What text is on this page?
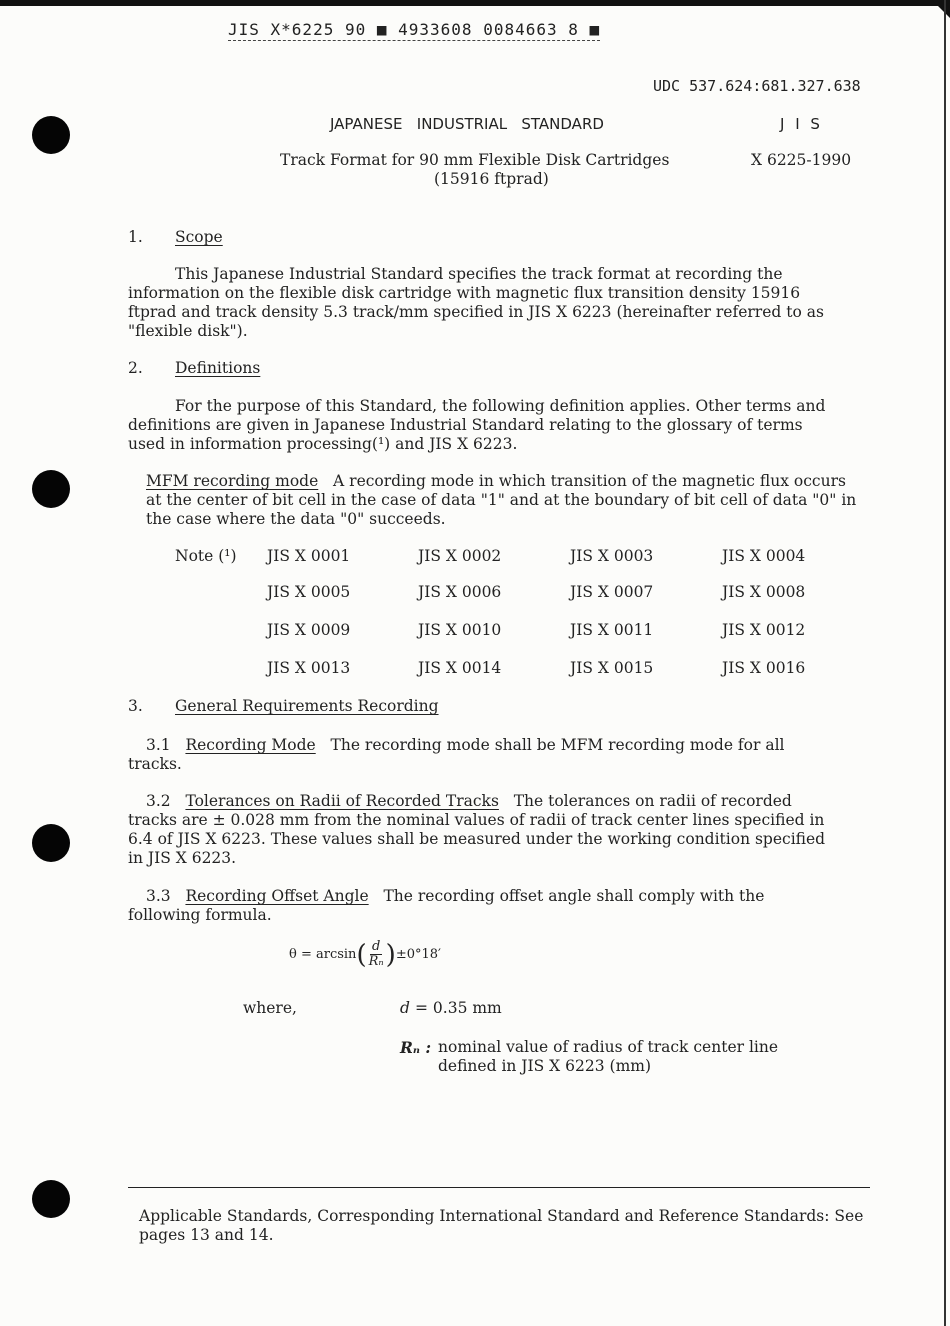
JIS X*6225 90 ■ 4933608 0084663 8 ■
UDC 537.624:681.327.638
JAPANESE   INDUSTRIAL   STANDARD	J I S
Track Format for 90 mm Flexible Disk Cartridges
(15916 ftprad)
X 6225-1990
1. Scope
This Japanese Industrial Standard specifies the track format at recording the information on the flexible disk cartridge with magnetic flux transition density 15916 ftprad and track density 5.3 track/mm specified in JIS X 6223 (hereinafter referred to as "flexible disk").
2. Definitions
For the purpose of this Standard, the following definition applies. Other terms and definitions are given in Japanese Industrial Standard relating to the glossary of terms used in information processing(¹) and JIS X 6223.
MFM recording mode A recording mode in which transition of the magnetic flux occurs at the center of bit cell in the case of data "1" and at the boundary of bit cell of data "0" in the case where the data "0" succeeds.
Note (¹) JIS X 0001	JIS X 0002	JIS X 0003	JIS X 0004
JIS X 0005	JIS X 0006	JIS X 0007	JIS X 0008
JIS X 0009	JIS X 0010	JIS X 0011	JIS X 0012
JIS X 0013	JIS X 0014	JIS X 0015	JIS X 0016
3. General Requirements Recording
3.1 Recording Mode The recording mode shall be MFM recording mode for all tracks.
3.2 Tolerances on Radii of Recorded Tracks The tolerances on radii of recorded tracks are ± 0.028 mm from the nominal values of radii of track center lines specified in 6.4 of JIS X 6223. These values shall be measured under the working condition specified in JIS X 6223.
3.3 Recording Offset Angle The recording offset angle shall comply with the following formula.
θ = arcsin ( $\frac{d}{\text{Rₙ}}$ ) ±0°18′
where,	d = 0.35 mm
Rₙ : nominal value of radius of track center line defined in JIS X 6223 (mm)
Applicable Standards, Corresponding International Standard and Reference Standards: See pages 13 and 14.
